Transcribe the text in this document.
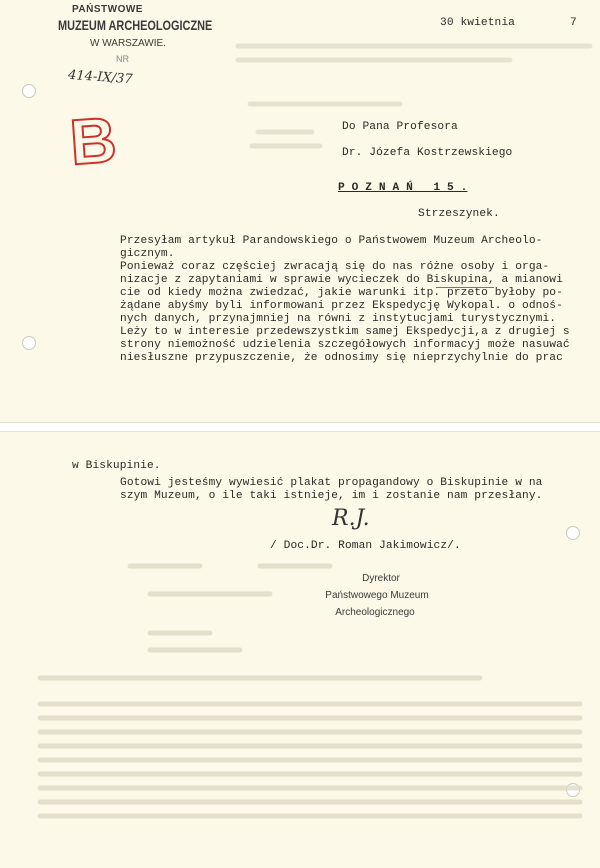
PAŃSTWOWE
MUZEUM ARCHEOLOGICZNE
W WARSZAWIE.
NR
414-IX/37
30 kwietnia	7
B	Do Pana Profesora
Dr. Józefa Kostrzewskiego
P O Z N A Ń   1 5 .
Strzeszynek.
Przesyłam artykuł Parandowskiego o Państwowem Muzeum Archeolo-
gicznym.
Ponieważ coraz częściej zwracają się do nas różne osoby i orga-
nizacje z zapytaniami w sprawie wycieczek do Biskupina, a mianowi
cie od kiedy można zwiedzać, jakie warunki itp. przeto byłoby po-
żądane abyśmy byli informowani przez Ekspedycję Wykopal. o odnoś-
nych danych, przynajmniej na równi z instytucjami turystycznymi.
Leży to w interesie przedewszystkim samej Ekspedycji,a z drugiej s
strony niemożność udzielenia szczegółowych informacyj może nasuwać
niesłuszne przypuszczenie, że odnosimy się nieprzychylnie do prac
w Biskupinie.
Gotowi jesteśmy wywiesić plakat propagandowy o Biskupinie w na
szym Muzeum, o ile taki istnieje, im i zostanie nam przesłany.
R.J.
/ Doc.Dr. Roman Jakimowicz/.
Dyrektor
Państwowego Muzeum
Archeologicznego
